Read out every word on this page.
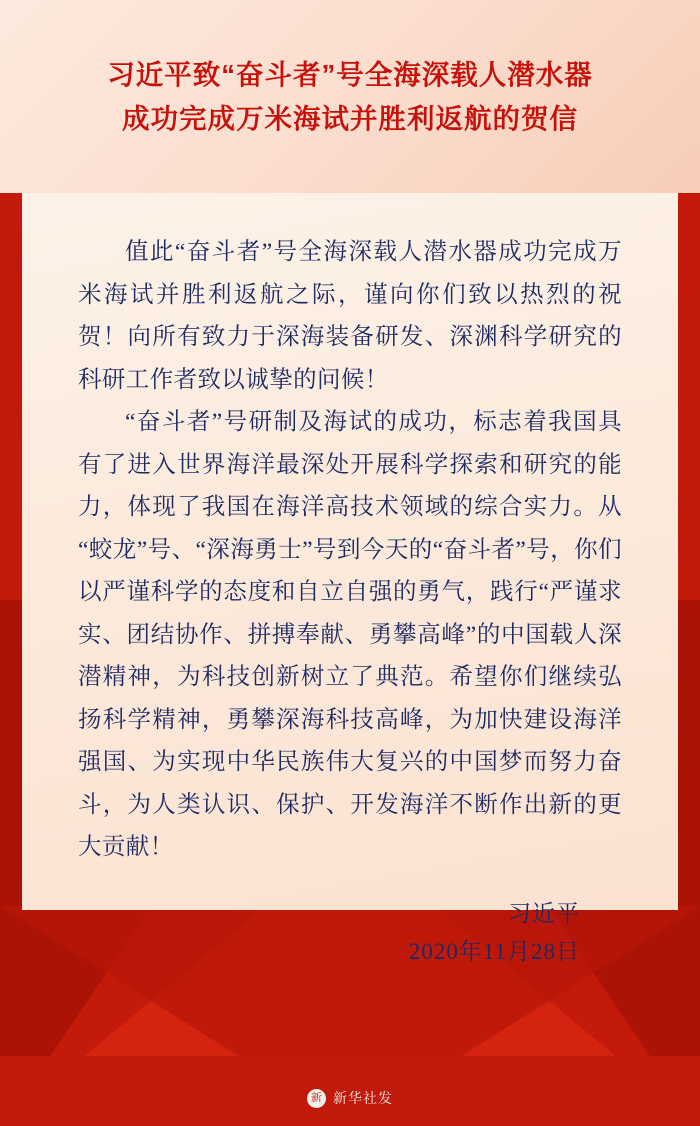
习近平致“奋斗者”号全海深载人潜水器
成功完成万米海试并胜利返航的贺信

值此“奋斗者”号全海深载人潜水器成功完成万米海试并胜利返航之际，谨向你们致以热烈的祝贺！向所有致力于深海装备研发、深渊科学研究的科研工作者致以诚挚的问候！

“奋斗者”号研制及海试的成功，标志着我国具有了进入世界海洋最深处开展科学探索和研究的能力，体现了我国在海洋高技术领域的综合实力。从“蛟龙”号、“深海勇士”号到今天的“奋斗者”号，你们以严谨科学的态度和自立自强的勇气，践行“严谨求实、团结协作、拼搏奉献、勇攀高峰”的中国载人深潜精神，为科技创新树立了典范。希望你们继续弘扬科学精神，勇攀深海科技高峰，为加快建设海洋强国、为实现中华民族伟大复兴的中国梦而努力奋斗，为人类认识、保护、开发海洋不断作出新的更大贡献！

习近平
2020年11月28日
新 新华社发
